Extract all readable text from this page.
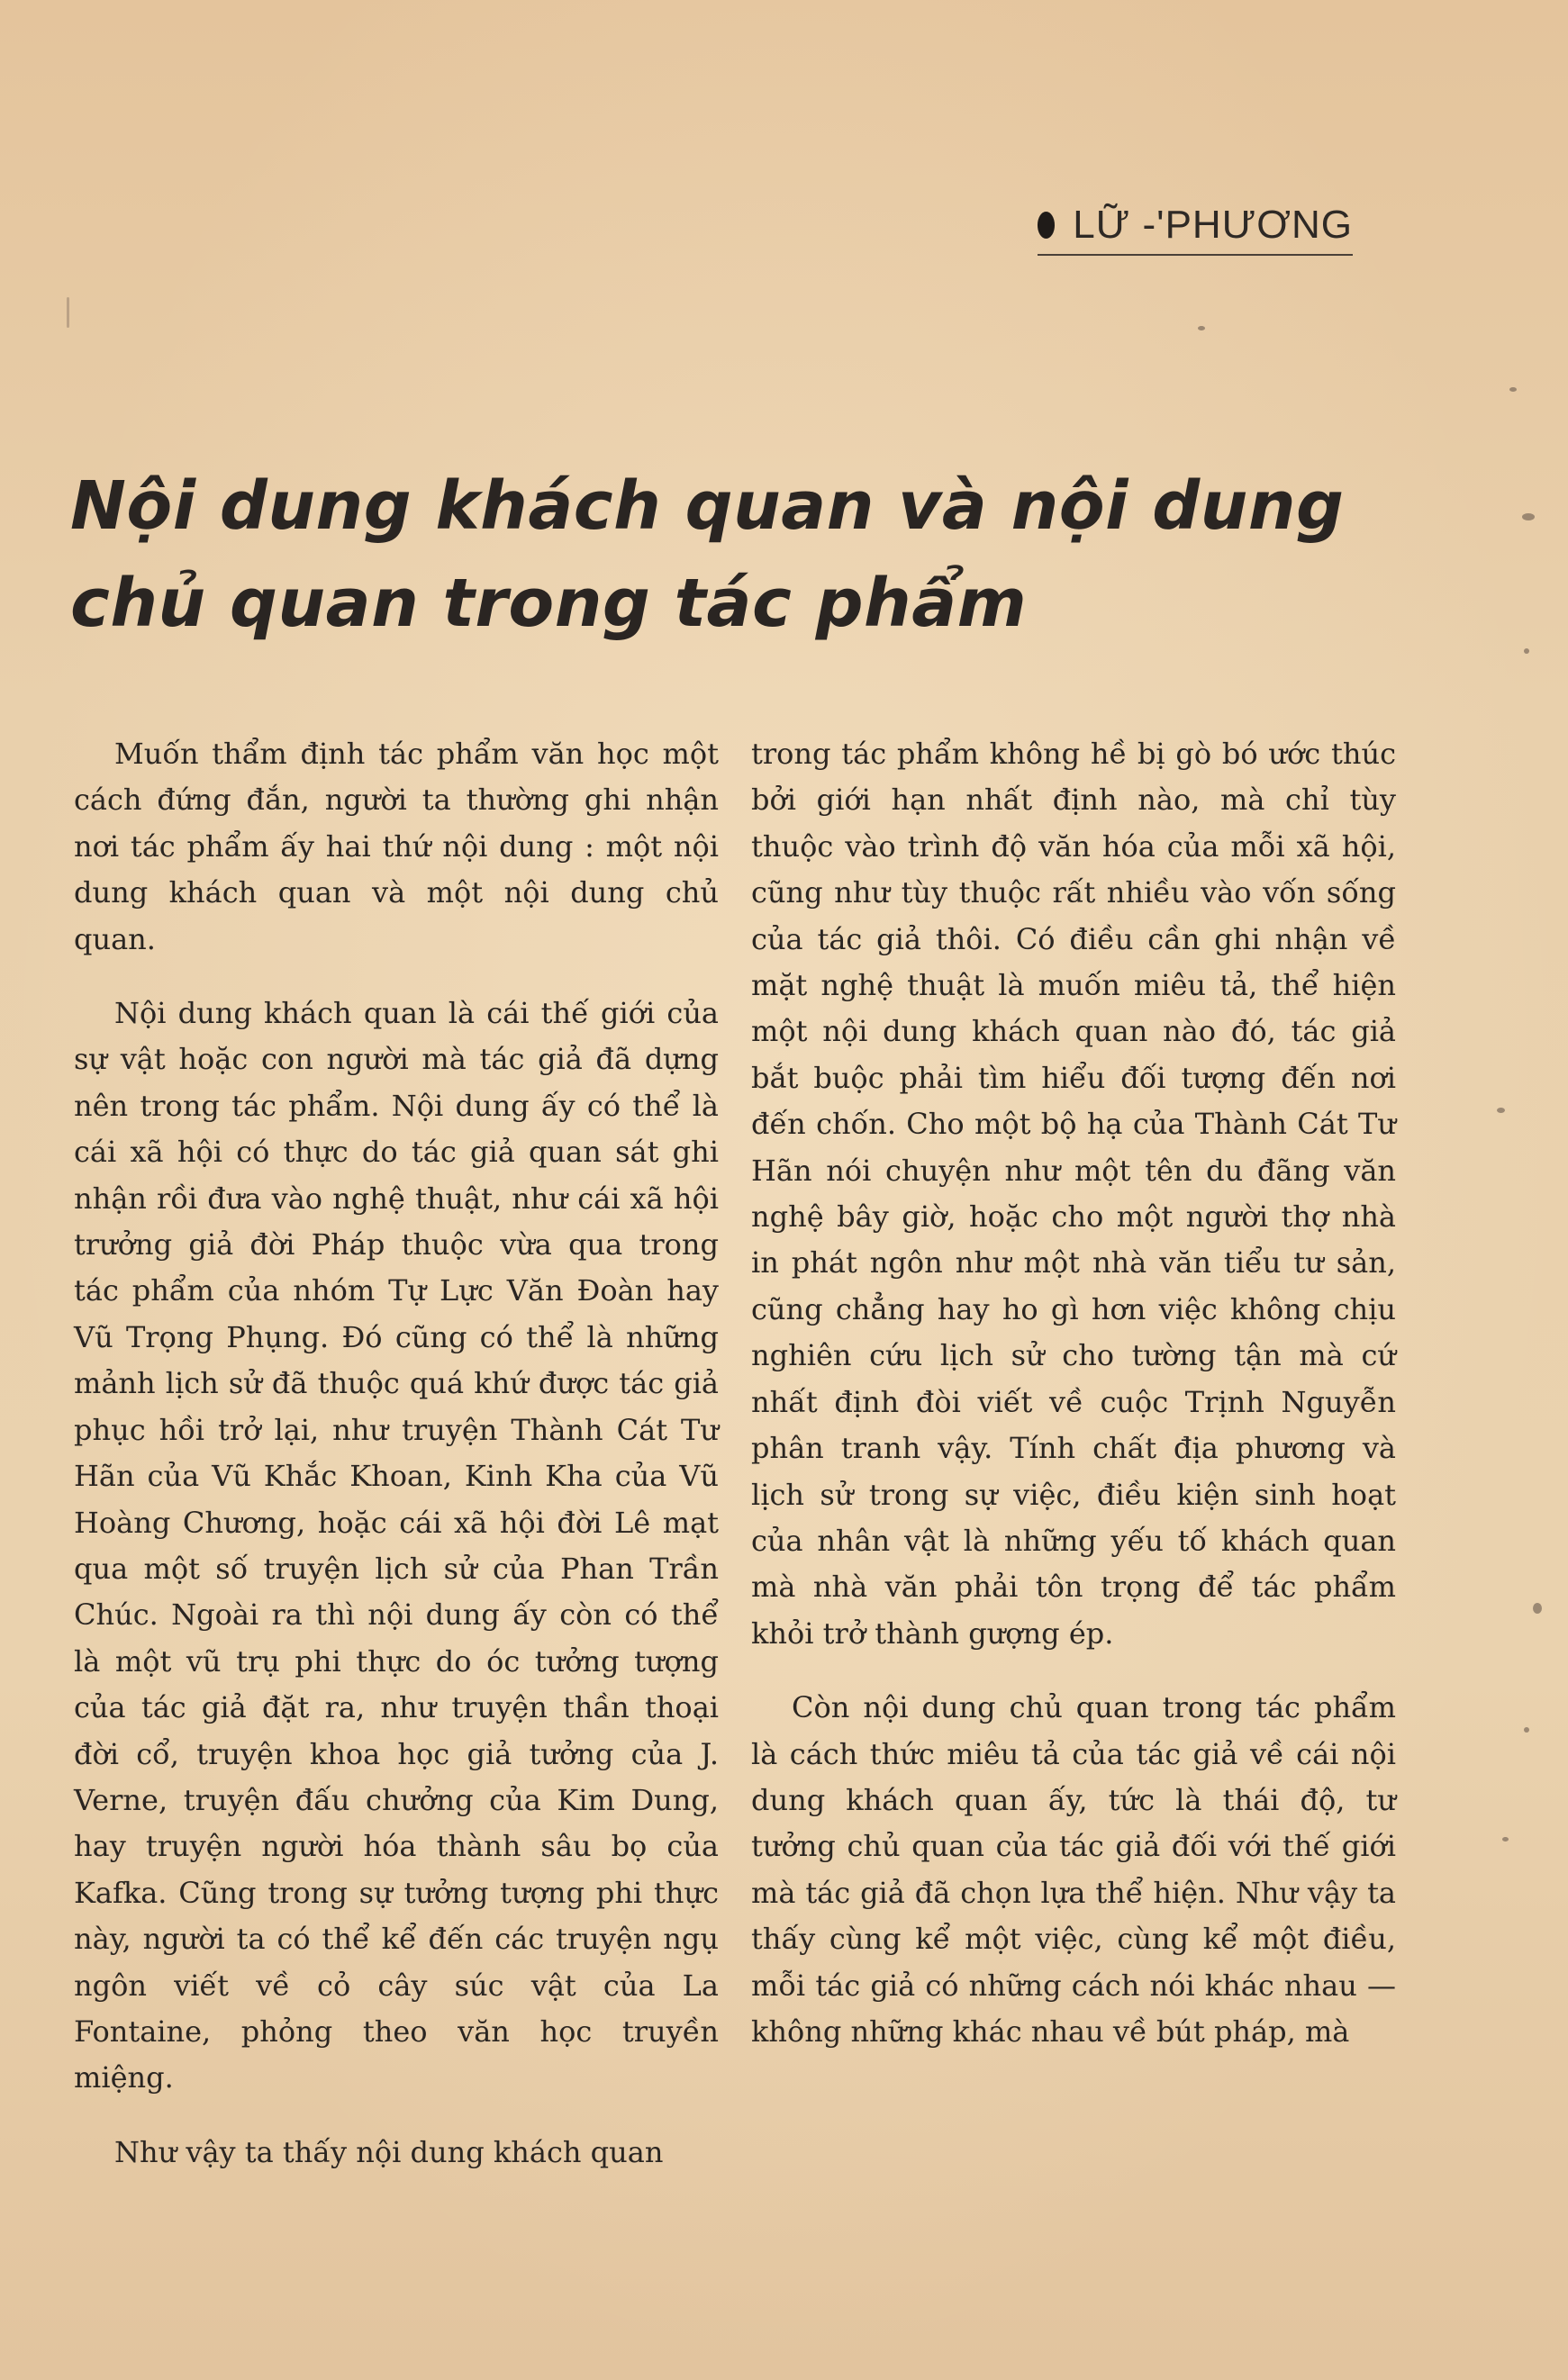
LỮ -'PHƯƠNG
Nội dung khách quan và nội dung
chủ quan trong tác phẩm

Muốn thẩm định tác phẩm văn học một cách đứng đắn, người ta thường ghi nhận nơi tác phẩm ấy hai thứ nội dung : một nội dung khách quan và một nội dung chủ quan.

Nội dung khách quan là cái thế giới của sự vật hoặc con người mà tác giả đã dựng nên trong tác phẩm. Nội dung ấy có thể là cái xã hội có thực do tác giả quan sát ghi nhận rồi đưa vào nghệ thuật, như cái xã hội trưởng giả đời Pháp thuộc vừa qua trong tác phẩm của nhóm Tự Lực Văn Đoàn hay Vũ Trọng Phụng. Đó cũng có thể là những mảnh lịch sử đã thuộc quá khứ được tác giả phục hồi trở lại, như truyện Thành Cát Tư Hãn của Vũ Khắc Khoan, Kinh Kha của Vũ Hoàng Chương, hoặc cái xã hội đời Lê mạt qua một số truyện lịch sử của Phan Trần Chúc. Ngoài ra thì nội dung ấy còn có thể là một vũ trụ phi thực do óc tưởng tượng của tác giả đặt ra, như truyện thần thoại đời cổ, truyện khoa học giả tưởng của J. Verne, truyện đấu chưởng của Kim Dung, hay truyện người hóa thành sâu bọ của Kafka. Cũng trong sự tưởng tượng phi thực này, người ta có thể kể đến các truyện ngụ ngôn viết về cỏ cây súc vật của La Fontaine, phỏng theo văn học truyền miệng.

Như vậy ta thấy nội dung khách quan

trong tác phẩm không hề bị gò bó ước thúc bởi giới hạn nhất định nào, mà chỉ tùy thuộc vào trình độ văn hóa của mỗi xã hội, cũng như tùy thuộc rất nhiều vào vốn sống của tác giả thôi. Có điều cần ghi nhận về mặt nghệ thuật là muốn miêu tả, thể hiện một nội dung khách quan nào đó, tác giả bắt buộc phải tìm hiểu đối tượng đến nơi đến chốn. Cho một bộ hạ của Thành Cát Tư Hãn nói chuyện như một tên du đãng văn nghệ bây giờ, hoặc cho một người thợ nhà in phát ngôn như một nhà văn tiểu tư sản, cũng chẳng hay ho gì hơn việc không chịu nghiên cứu lịch sử cho tường tận mà cứ nhất định đòi viết về cuộc Trịnh Nguyễn phân tranh vậy. Tính chất địa phương và lịch sử trong sự việc, điều kiện sinh hoạt của nhân vật là những yếu tố khách quan mà nhà văn phải tôn trọng để tác phẩm khỏi trở thành gượng ép.

Còn nội dung chủ quan trong tác phẩm là cách thức miêu tả của tác giả về cái nội dung khách quan ấy, tức là thái độ, tư tưởng chủ quan của tác giả đối với thế giới mà tác giả đã chọn lựa thể hiện. Như vậy ta thấy cùng kể một việc, cùng kể một điều, mỗi tác giả có những cách nói khác nhau — không những khác nhau về bút pháp, mà
